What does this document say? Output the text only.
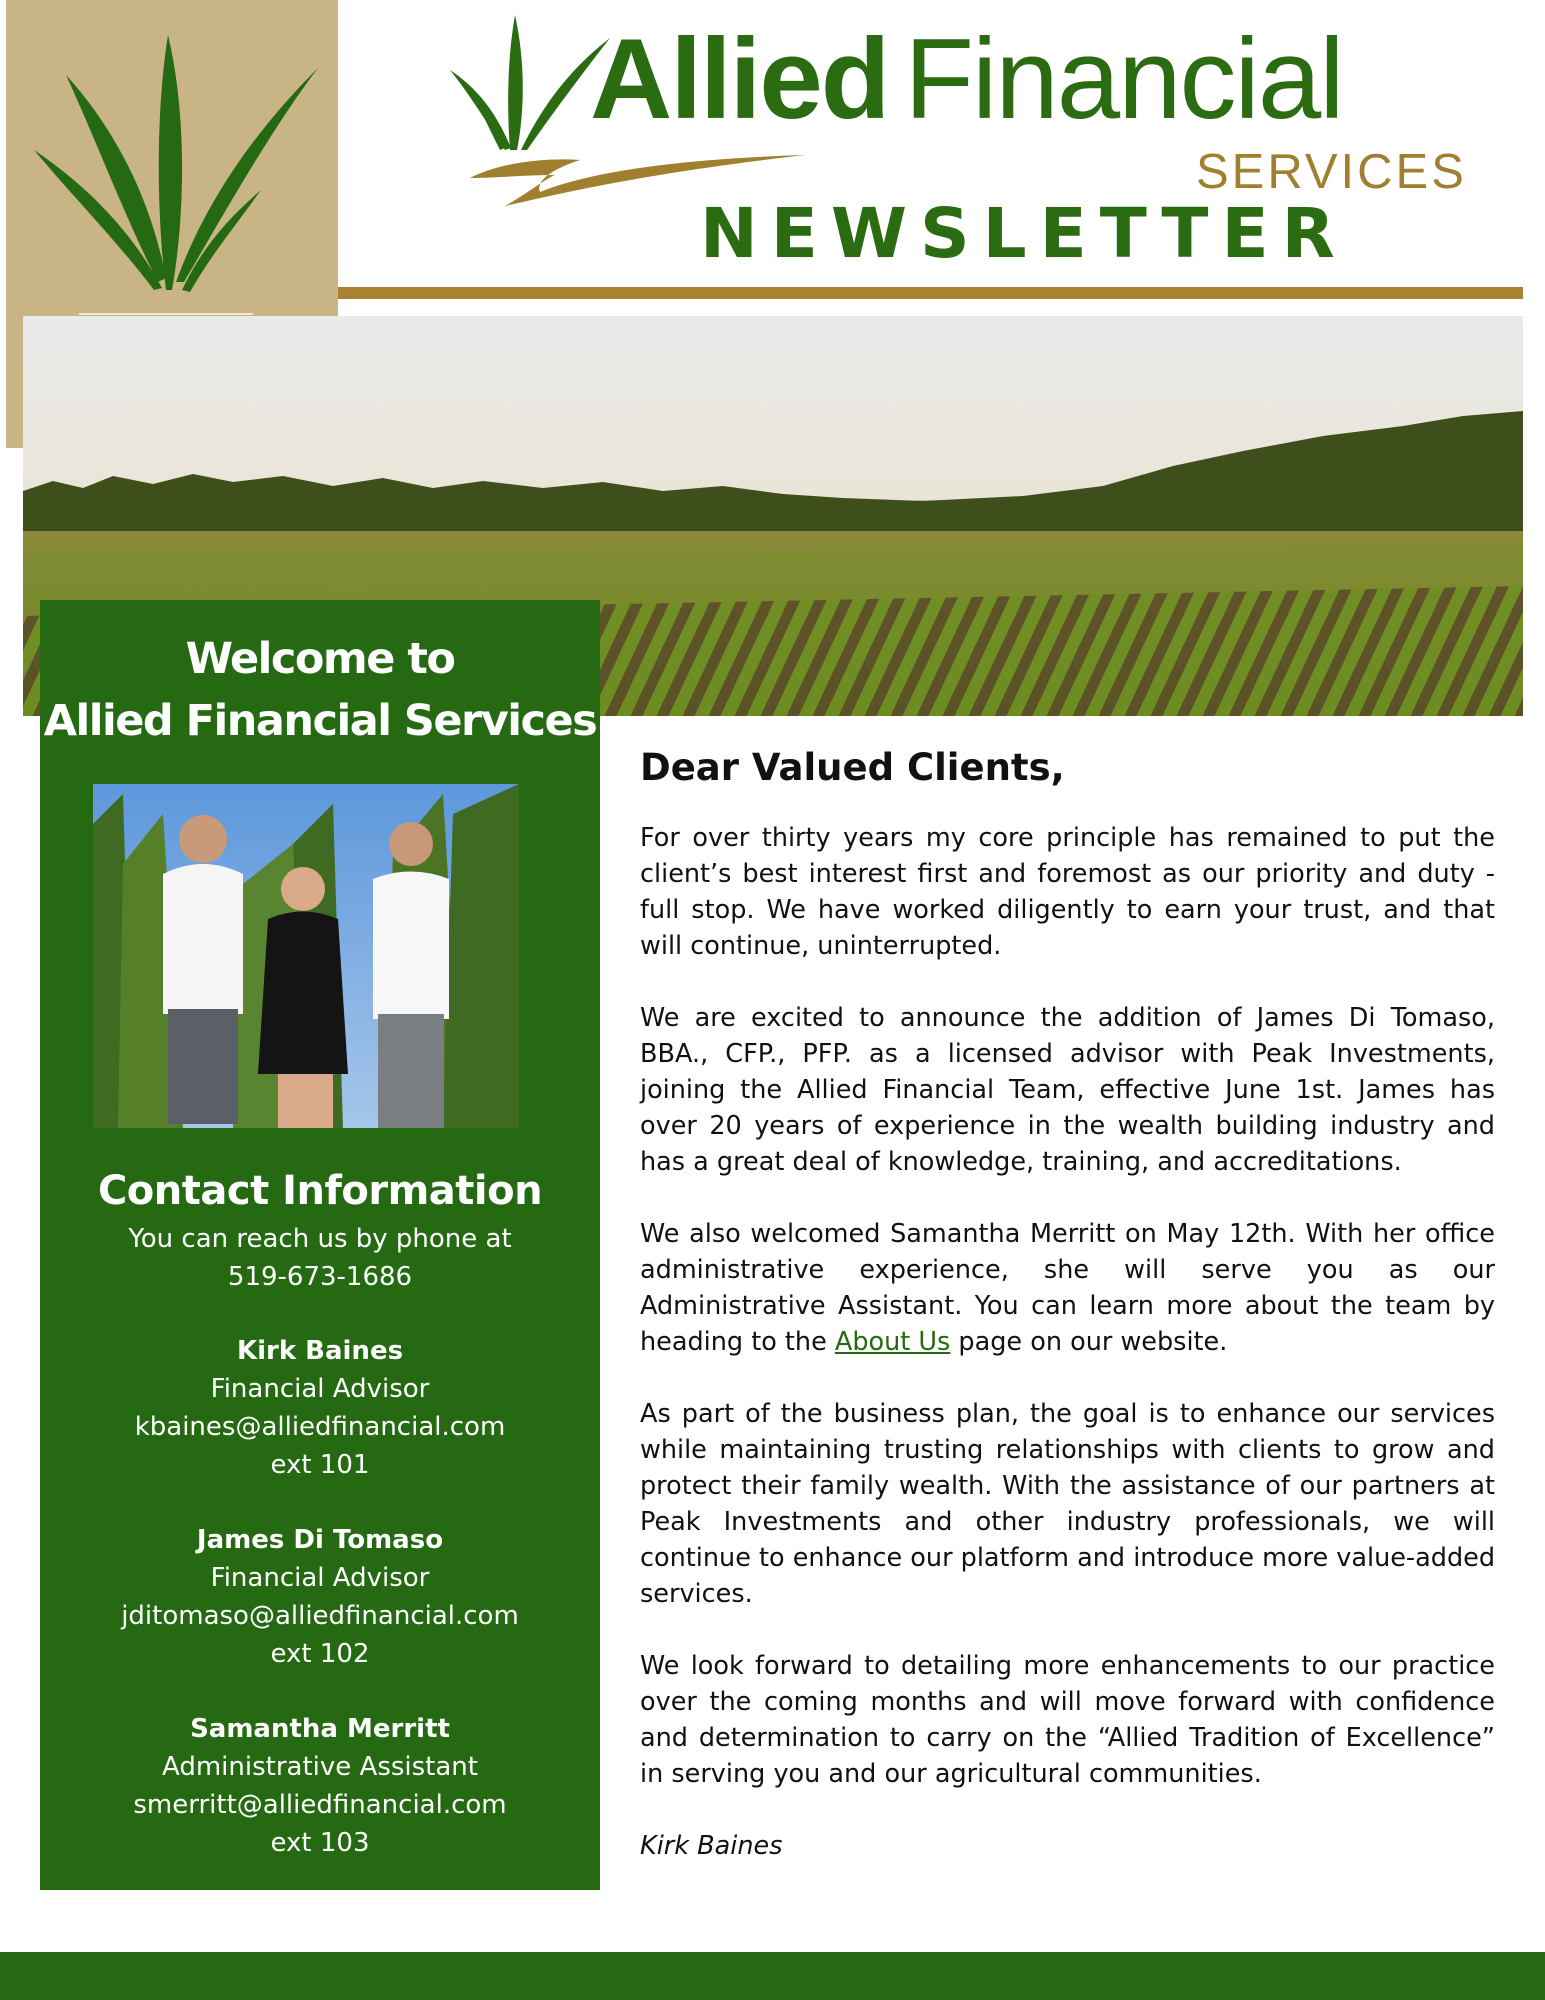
Allied Financial
SERVICES
NEWSLETTER
Welcome to
Allied Financial Services
Contact Information
You can reach us by phone at
519-673-1686
Kirk Baines
Financial Advisor
kbaines@alliedfinancial.com
ext 101
James Di Tomaso
Financial Advisor
jditomaso@alliedfinancial.com
ext 102
Samantha Merritt
Administrative Assistant
smerritt@alliedfinancial.com
ext 103
Dear Valued Clients,

For over thirty years my core principle has remained to put the client’s best interest first and foremost as our priority and duty - full stop. We have worked diligently to earn your trust, and that will continue, uninterrupted.

We are excited to announce the addition of James Di Tomaso, BBA., CFP., PFP. as a licensed advisor with Peak Investments, joining the Allied Financial Team, effective June 1st. James has over 20 years of experience in the wealth building industry and has a great deal of knowledge, training, and accreditations.

We also welcomed Samantha Merritt on May 12th. With her office administrative experience, she will serve you as our Administrative Assistant. You can learn more about the team by heading to the About Us page on our website.

As part of the business plan, the goal is to enhance our services while maintaining trusting relationships with clients to grow and protect their family wealth. With the assistance of our partners at Peak Investments and other industry professionals, we will continue to enhance our platform and introduce more value-added services.

We look forward to detailing more enhancements to our practice over the coming months and will move forward with confidence and determination to carry on the “Allied Tradition of Excellence” in serving you and our agricultural communities.

Kirk Baines
